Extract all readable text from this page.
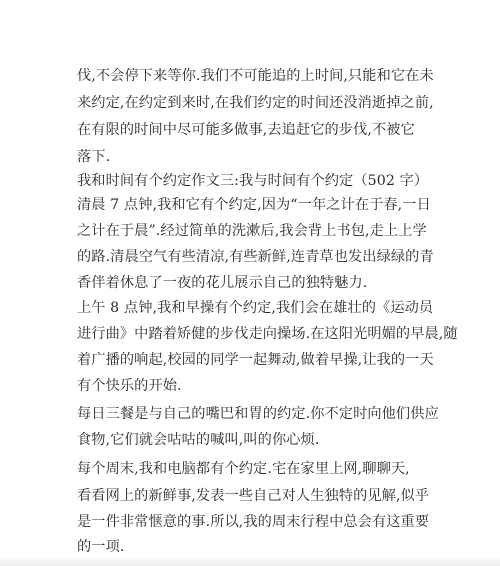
伐,不会停下来等你.我们不可能追的上时间,只能和它在未
来约定,在约定到来时,在我们约定的时间还没消逝掉之前,
在有限的时间中尽可能多做事,去追赶它的步伐,不被它
落下.
我和时间有个约定作文三:我与时间有个约定（502 字）
清晨 7 点钟,我和它有个约定,因为“一年之计在于春,一日
之计在于晨”.经过简单的洗漱后,我会背上书包,走上上学
的路.清晨空气有些清凉,有些新鲜,连青草也发出绿绿的青
香伴着休息了一夜的花儿展示自己的独特魅力.
上午 8 点钟,我和早操有个约定,我们会在雄壮的《运动员
进行曲》中踏着矫健的步伐走向操场.在这阳光明媚的早晨,随
着广播的响起,校园的同学一起舞动,做着早操,让我的一天
有个快乐的开始.
每日三餐是与自己的嘴巴和胃的约定.你不定时向他们供应
食物,它们就会咕咕的喊叫,叫的你心烦.
每个周末,我和电脑都有个约定.宅在家里上网,聊聊天,
看看网上的新鲜事,发表一些自己对人生独特的见解,似乎
是一件非常惬意的事.所以,我的周末行程中总会有这重要
的一项.
